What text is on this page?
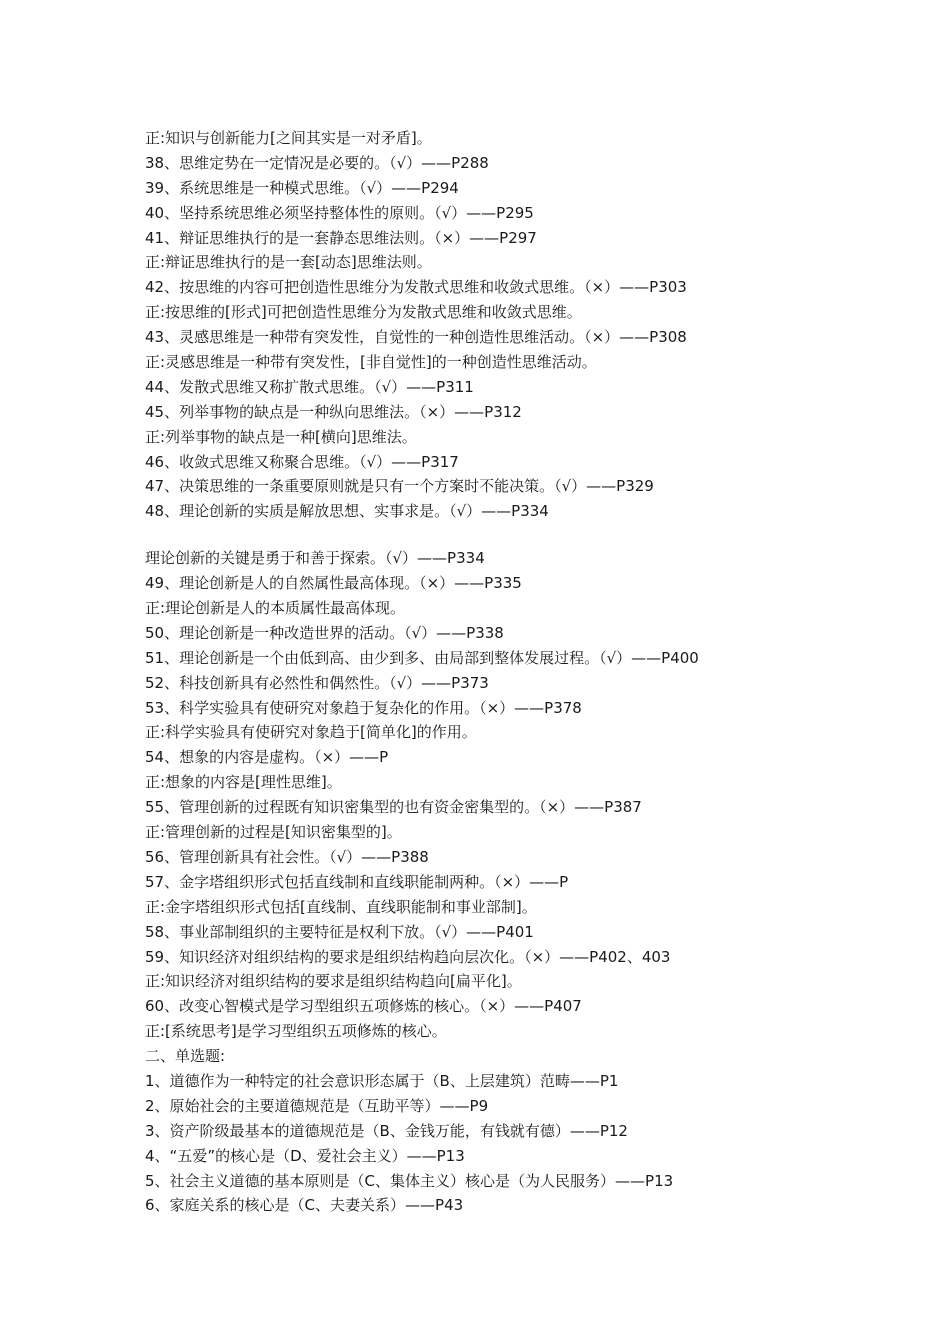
正:知识与创新能力[之间其实是一对矛盾]。
38、思维定势在一定情况是必要的。（√）——P288
39、系统思维是一种模式思维。（√）——P294
40、坚持系统思维必须坚持整体性的原则。（√）——P295
41、辩证思维执行的是一套静态思维法则。（×）——P297
正:辩证思维执行的是一套[动态]思维法则。
42、按思维的内容可把创造性思维分为发散式思维和收敛式思维。（×）——P303
正:按思维的[形式]可把创造性思维分为发散式思维和收敛式思维。
43、灵感思维是一种带有突发性，自觉性的一种创造性思维活动。（×）——P308
正:灵感思维是一种带有突发性，[非自觉性]的一种创造性思维活动。
44、发散式思维又称扩散式思维。（√）——P311
45、列举事物的缺点是一种纵向思维法。（×）——P312
正:列举事物的缺点是一种[横向]思维法。
46、收敛式思维又称聚合思维。（√）——P317
47、决策思维的一条重要原则就是只有一个方案时不能决策。（√）——P329
48、理论创新的实质是解放思想、实事求是。（√）——P334
理论创新的关键是勇于和善于探索。（√）——P334
49、理论创新是人的自然属性最高体现。（×）——P335
正:理论创新是人的本质属性最高体现。
50、理论创新是一种改造世界的活动。（√）——P338
51、理论创新是一个由低到高、由少到多、由局部到整体发展过程。（√）——P400
52、科技创新具有必然性和偶然性。（√）——P373
53、科学实验具有使研究对象趋于复杂化的作用。（×）——P378
正:科学实验具有使研究对象趋于[简单化]的作用。
54、想象的内容是虚构。（×）——P
正:想象的内容是[理性思维]。
55、管理创新的过程既有知识密集型的也有资金密集型的。（×）——P387
正:管理创新的过程是[知识密集型的]。
56、管理创新具有社会性。（√）——P388
57、金字塔组织形式包括直线制和直线职能制两种。（×）——P
正:金字塔组织形式包括[直线制、直线职能制和事业部制]。
58、事业部制组织的主要特征是权利下放。（√）——P401
59、知识经济对组织结构的要求是组织结构趋向层次化。（×）——P402、403
正:知识经济对组织结构的要求是组织结构趋向[扁平化]。
60、改变心智模式是学习型组织五项修炼的核心。（×）——P407
正:[系统思考]是学习型组织五项修炼的核心。
二、单选题:
1、道德作为一种特定的社会意识形态属于（B、上层建筑）范畴——P1
2、原始社会的主要道德规范是（互助平等）——P9
3、资产阶级最基本的道德规范是（B、金钱万能，有钱就有德）——P12
4、“五爱”的核心是（D、爱社会主义）——P13
5、社会主义道德的基本原则是（C、集体主义）核心是（为人民服务）——P13
6、家庭关系的核心是（C、夫妻关系）——P43
